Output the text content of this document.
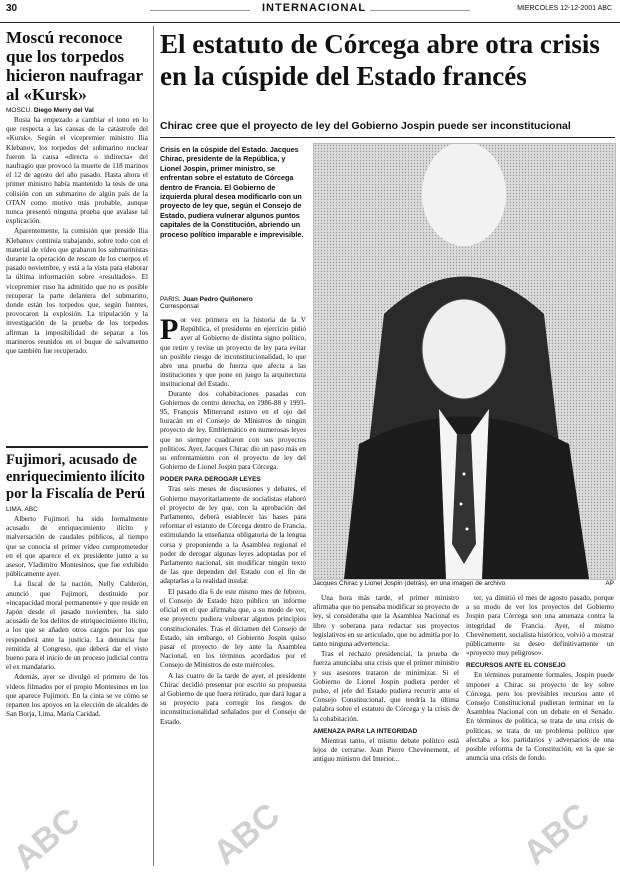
30	INTERNACIONAL	MIERCOLES 12-12-2001 ABC
Moscú reconoce que los torpedos hicieron naufragar al «Kursk»
MOSCU. Diego Merry del Val

Rusia ha empezado a cambiar el tono en lo que respecta a las causas de la catástrofe del «Kursk». Según el vicepremier ministro Ilia Klebanov, los torpedos del submarino nuclear fueron la causa «directa o indirecta» del naufragio que provocó la muerte de 118 marinos el 12 de agosto del año pasado. Hasta ahora el primer ministro había mantenido la tesis de una colisión con un submarino de algún país de la OTAN como motivo más probable, aunque nunca presentó ninguna prueba que avalase tal explicación.

Aparentemente, la comisión que preside Ilia Klebanov continúa trabajando, sobre todo con el material de vídeo que grabaron los submarinistas durante la operación de rescate de los cuerpos el pasado noviembre, y está a la vista para elaborar la última información sobre «resultados». El vicepremier ruso ha admitido que no es posible recuperar la parte delantera del submarino, donde están los torpedos que, según fuentes, provocaron la explosión. La tripulación y la investigación de la prueba de los torpedos afirman la imposibilidad de separar a los marineros reunidos en el buque de salvamento que también fue recuperado.

Fujimori, acusado de enriquecimiento ilícito por la Fiscalía de Perú
LIMA. ABC

Alberto Fujimori ha sido formalmente acusado de enriquecimiento ilícito y malversación de caudales públicos, al tiempo que se conocía el primer vídeo comprometedor en el que aparece el ex presidente junto a su asesor, Vladimiro Montesinos, que fue exhibido públicamente ayer.

La fiscal de la nación, Nelly Calderón, anunció que Fujimori, destituido por «incapacidad moral permanente» y que reside en Japón desde el pasado noviembre, ha sido acusado de los delitos de enriquecimiento ilícito, a los que se añaden otros cargos por los que responderá ante la justicia. La denuncia fue remitida al Congreso, que deberá dar el visto bueno para el inicio de un proceso judicial contra el ex mandatario.

Además, ayer se divulgó el primero de los vídeos filmados por el propio Montesinos en los que aparece Fujimori. En la cinta se ve cómo se reparten los apoyos en la elección de alcaldes de San Borja, Lima, María Caridad.

El estatuto de Córcega abre otra crisis en la cúspide del Estado francés
Chirac cree que el proyecto de ley del Gobierno Jospin puede ser inconstitucional
Crisis en la cúspide del Estado. Jacques Chirac, presidente de la República, y Lionel Jospin, primer ministro, se enfrentan sobre el estatuto de Córcega dentro de Francia. El Gobierno de izquierda plural desea modificarlo con un proyecto de ley que, según el Consejo de Estado, pudiera vulnerar algunos puntos capitales de la Constitución, abriendo un proceso político imparable e imprevisible.
PARIS. Juan Pedro Quiñonero
Corresponsal
Por vez primera en la historia de la V República, el presidente en ejercicio pidió ayer al Gobierno de distinta signo político, que retire y revise un proyecto de ley para evitar un posible riesgo de inconstitucionalidad, lo que abre una prueba de fuerza que afecta a las instituciones y que pone en juego la arquitectura institucional del Estado.

Durante dos cohabitaciones pasadas con Gobiernos de centro derecha, en 1986-88 y 1993-95, François Mitterrand estuvo en el ojo del huracán en el Consejo de Ministros de ningún proyecto de ley. Emblemático en numerosas leyes que no siempre cuadraron con sus proyectos políticos. Ayer, Jacques Chirac dio un paso más en su enfrentamiento con el proyecto de ley del Gobierno de Lionel Jospin para Córcega.

PODER PARA DEROGAR LEYES

Tras seis meses de discusiones y debates, el Gobierno mayoritariamente de socialistas elaboró el proyecto de ley que, con la aprobación del Parlamento, deberá establecer las bases para reformar el estatuto de Córcega dentro de Francia, estimulando la enseñanza obligatoria de la lengua corsa y proponiendo a la Asamblea regional el poder de derogar algunas leyes adoptadas por el Parlamento nacional, sin modificar ningún texto de las que dependen del Estado con el fin de adaptarlas a la realidad insular.

El pasado día 6 de este mismo mes de febrero, el Consejo de Estado hizo público un informe oficial en el que afirmaba que, a su modo de ver, ese proyecto pudiera vulnerar algunos principios constitucionales. Tras el dictamen del Consejo de Estado, sin embargo, el Gobierno Jospin quiso pasar el proyecto de ley ante la Asamblea Nacional, en los términos acordados por el Consejo de Ministros de este miércoles.

A las cuatro de la tarde de ayer, el presidente Chirac decidió presentar por escrito su propuesta al Gobierno de que fuera retirado, que dará lugar a su proyecto para corregir los riesgos de inconstitucionalidad señalados por el Consejo de Estado.

Jacques Chirac y Lionel Jospin (detrás), en una imagen de archivo	AP

Una hora más tarde, el primer ministro afirmaba que no pensaba modificar su proyecto de ley, si consideraba que la Asamblea Nacional es libre y soberana para redactar sus proyectos legislativos en su articulado, que no admitía por lo tanto ninguna advertencia.

Tras el rechazo presidencial, la prueba de fuerza anunciaba una crisis que el primer ministro y sus asesores trataron de minimizar. Si el Gobierno de Lionel Jospin pudiera perder el pulso, el jefe del Estado pudiera recurrir ante el Consejo Constitucional, que tendría la última palabra sobre el estatuto de Córcega y la crisis de la cohabitación.

AMENAZA PARA LA INTEGRIDAD

Mientras tanto, el mismo debate político está lejos de cerrarse. Jean Pierre Chevènement, el antiguo ministro del Interior...

ter, ya dimitió el mes de agosto pasado, porque a su modo de ver los proyectos del Gobierno Jospin para Córcega son una amenaza contra la integridad de Francia. Ayer, el mismo Chevènement, socialista histórico, volvió a mostrar públicamente su deseo definitivamente un «proyecto muy peligroso».

RECURSOS ANTE EL CONSEJO

En términos puramente formales, Jospin puede imponer a Chirac su proyecto de ley sobre Córcega, pero los previsibles recursos ante el Consejo Constitucional pudieran terminar en la Asamblea Nacional con un debate en el Senado. En términos de política, se trata de una crisis de políticas, se trata de un problema político que afectaba a los partidarios y adversarios de una posible reforma de la Constitución, en la que se anuncia una crisis de fondo.

ABC	ABC	ABC
